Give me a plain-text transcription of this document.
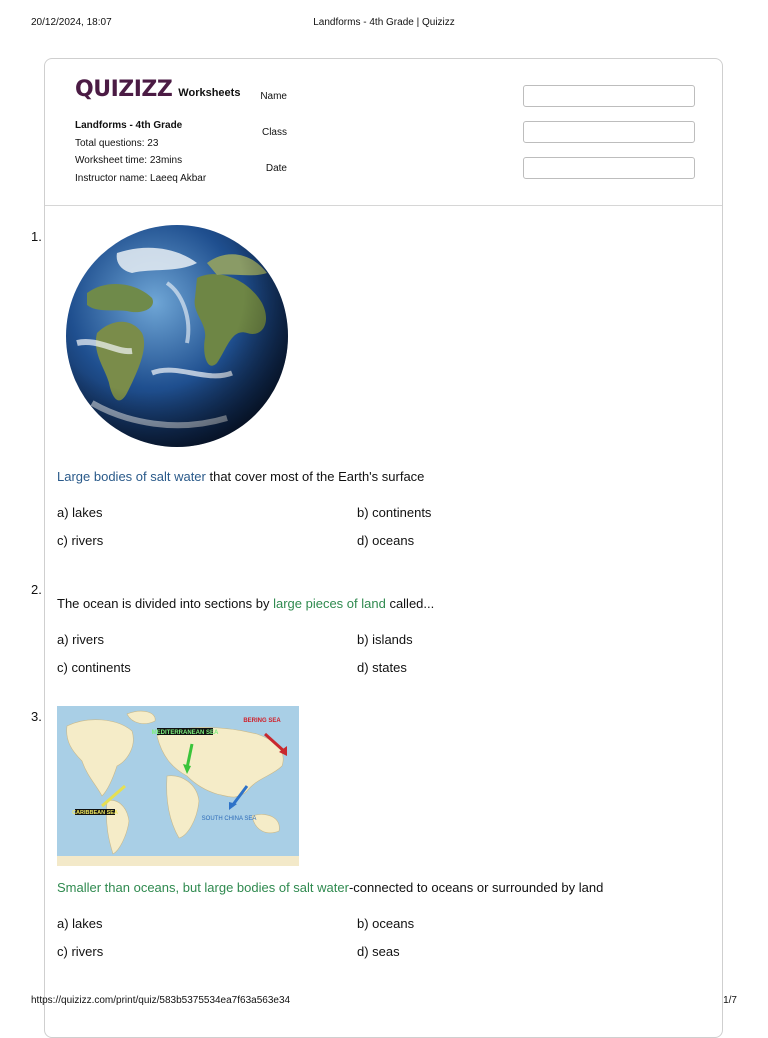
20/12/2024, 18:07	Landforms - 4th Grade | Quizizz
QUIZIZZ Worksheets
Landforms - 4th Grade
Total questions: 23
Worksheet time: 23mins
Instructor name: Laeeq Akbar
Name
Class
Date
1.
Large bodies of salt water that cover most of the Earth's surface
a) lakes	b) continents
c) rivers	d) oceans
2.
The ocean is divided into sections by large pieces of land called...
a) rivers	b) islands
c) continents	d) states
3.
MEDITERRANEAN SEA
BERING SEA
CARIBBEAN SEA
SOUTH CHINA SEA
Smaller than oceans, but large bodies of salt water-connected to oceans or surrounded by land
a) lakes	b) oceans
c) rivers	d) seas
https://quizizz.com/print/quiz/583b5375534ea7f63a563e34	1/7
